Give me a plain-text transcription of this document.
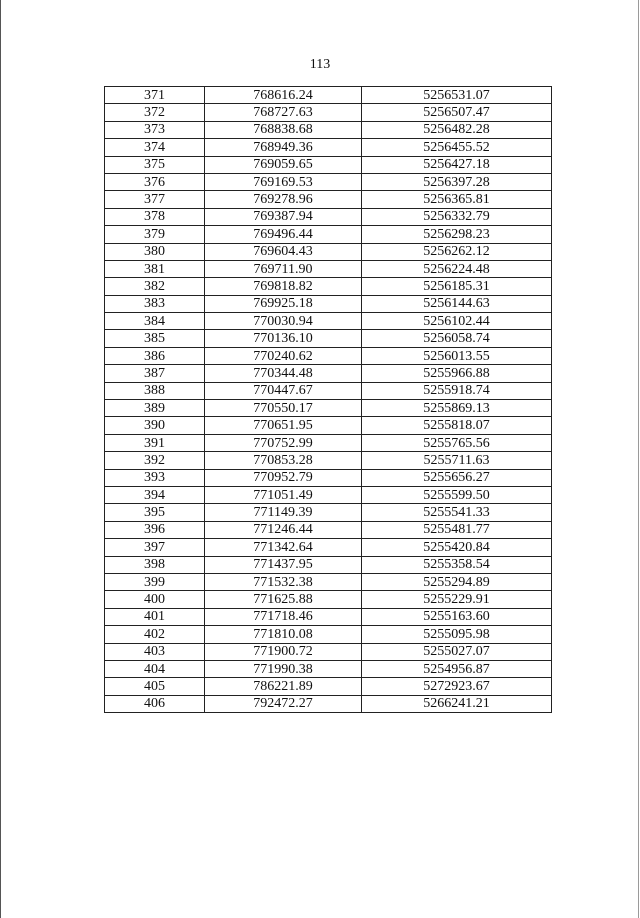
113
371	768616.24	5256531.07
372	768727.63	5256507.47
373	768838.68	5256482.28
374	768949.36	5256455.52
375	769059.65	5256427.18
376	769169.53	5256397.28
377	769278.96	5256365.81
378	769387.94	5256332.79
379	769496.44	5256298.23
380	769604.43	5256262.12
381	769711.90	5256224.48
382	769818.82	5256185.31
383	769925.18	5256144.63
384	770030.94	5256102.44
385	770136.10	5256058.74
386	770240.62	5256013.55
387	770344.48	5255966.88
388	770447.67	5255918.74
389	770550.17	5255869.13
390	770651.95	5255818.07
391	770752.99	5255765.56
392	770853.28	5255711.63
393	770952.79	5255656.27
394	771051.49	5255599.50
395	771149.39	5255541.33
396	771246.44	5255481.77
397	771342.64	5255420.84
398	771437.95	5255358.54
399	771532.38	5255294.89
400	771625.88	5255229.91
401	771718.46	5255163.60
402	771810.08	5255095.98
403	771900.72	5255027.07
404	771990.38	5254956.87
405	786221.89	5272923.67
406	792472.27	5266241.21
